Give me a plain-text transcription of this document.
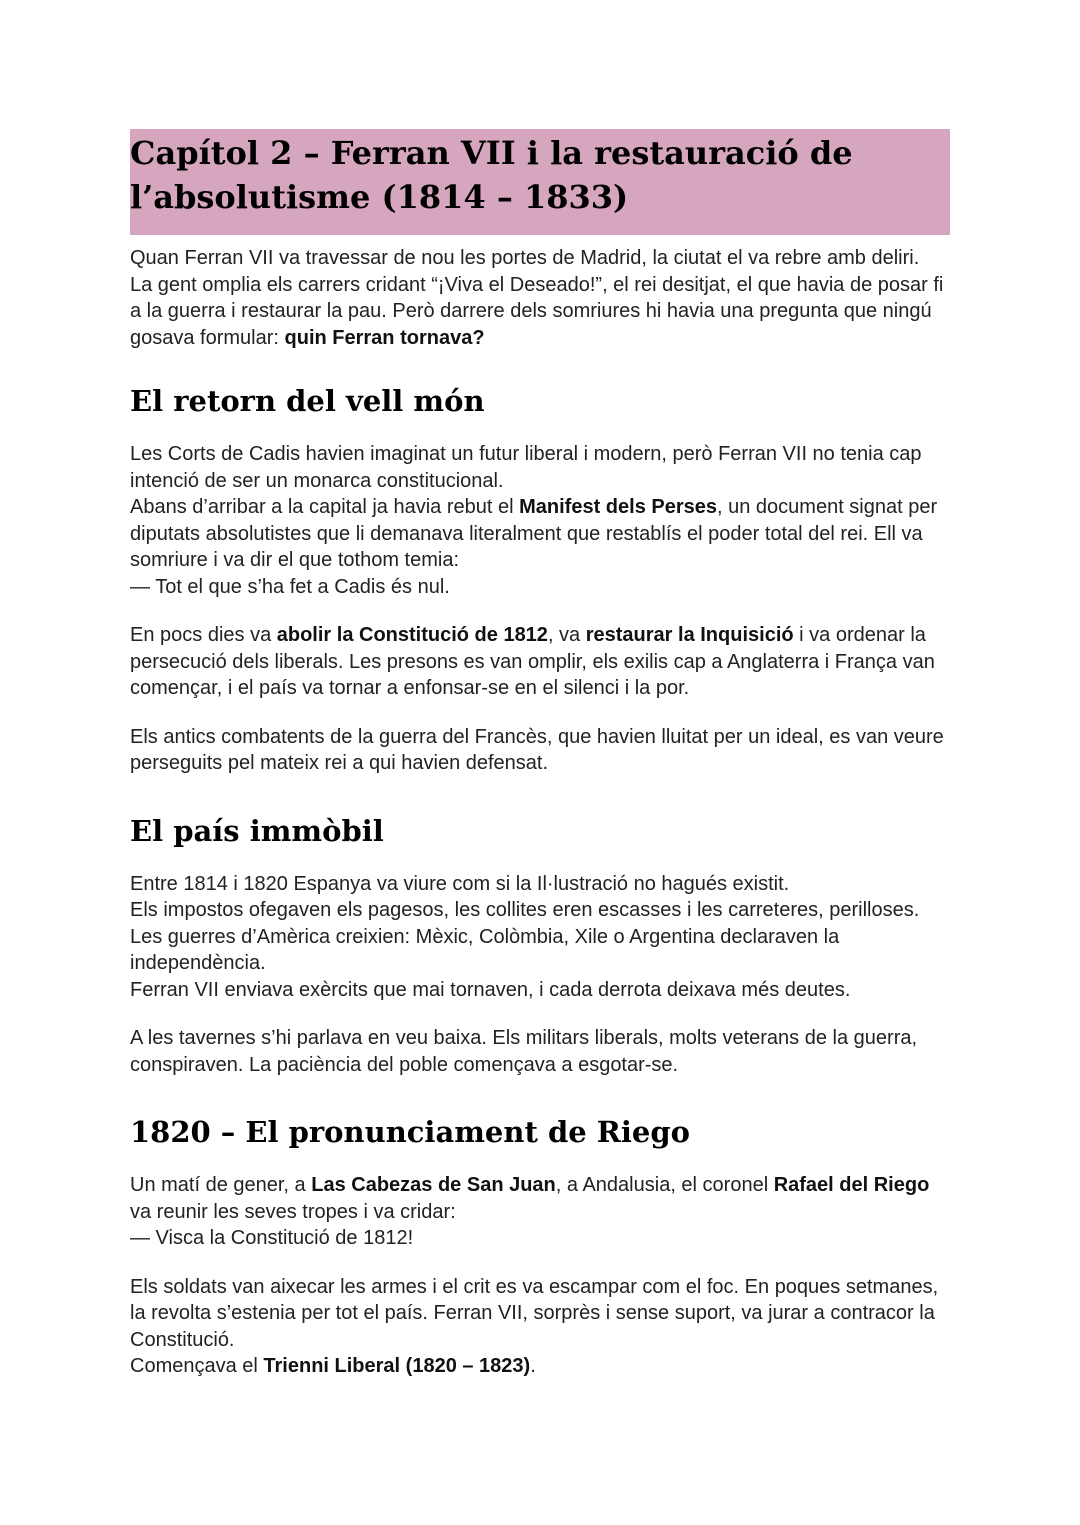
Capítol 2 – Ferran VII i la restauració de
l’absolutisme (1814 – 1833)

Quan Ferran VII va travessar de nou les portes de Madrid, la ciutat el va rebre amb deliri.
La gent omplia els carrers cridant “¡Viva el Deseado!”, el rei desitjat, el que havia de posar fi
a la guerra i restaurar la pau. Però darrere dels somriures hi havia una pregunta que ningú
gosava formular: quin Ferran tornava?

El retorn del vell món

Les Corts de Cadis havien imaginat un futur liberal i modern, però Ferran VII no tenia cap
intenció de ser un monarca constitucional.
Abans d’arribar a la capital ja havia rebut el Manifest dels Perses, un document signat per
diputats absolutistes que li demanava literalment que restablís el poder total del rei. Ell va
somriure i va dir el que tothom temia:
— Tot el que s’ha fet a Cadis és nul.

En pocs dies va abolir la Constitució de 1812, va restaurar la Inquisició i va ordenar la
persecució dels liberals. Les presons es van omplir, els exilis cap a Anglaterra i França van
començar, i el país va tornar a enfonsar-se en el silenci i la por.

Els antics combatents de la guerra del Francès, que havien lluitat per un ideal, es van veure
perseguits pel mateix rei a qui havien defensat.

El país immòbil

Entre 1814 i 1820 Espanya va viure com si la Il·lustració no hagués existit.
Els impostos ofegaven els pagesos, les collites eren escasses i les carreteres, perilloses.
Les guerres d’Amèrica creixien: Mèxic, Colòmbia, Xile o Argentina declaraven la
independència.
Ferran VII enviava exèrcits que mai tornaven, i cada derrota deixava més deutes.

A les tavernes s’hi parlava en veu baixa. Els militars liberals, molts veterans de la guerra,
conspiraven. La paciència del poble començava a esgotar-se.

1820 – El pronunciament de Riego

Un matí de gener, a Las Cabezas de San Juan, a Andalusia, el coronel Rafael del Riego
va reunir les seves tropes i va cridar:
— Visca la Constitució de 1812!

Els soldats van aixecar les armes i el crit es va escampar com el foc. En poques setmanes,
la revolta s’estenia per tot el país. Ferran VII, sorprès i sense suport, va jurar a contracor la
Constitució.
Començava el Trienni Liberal (1820 – 1823).
